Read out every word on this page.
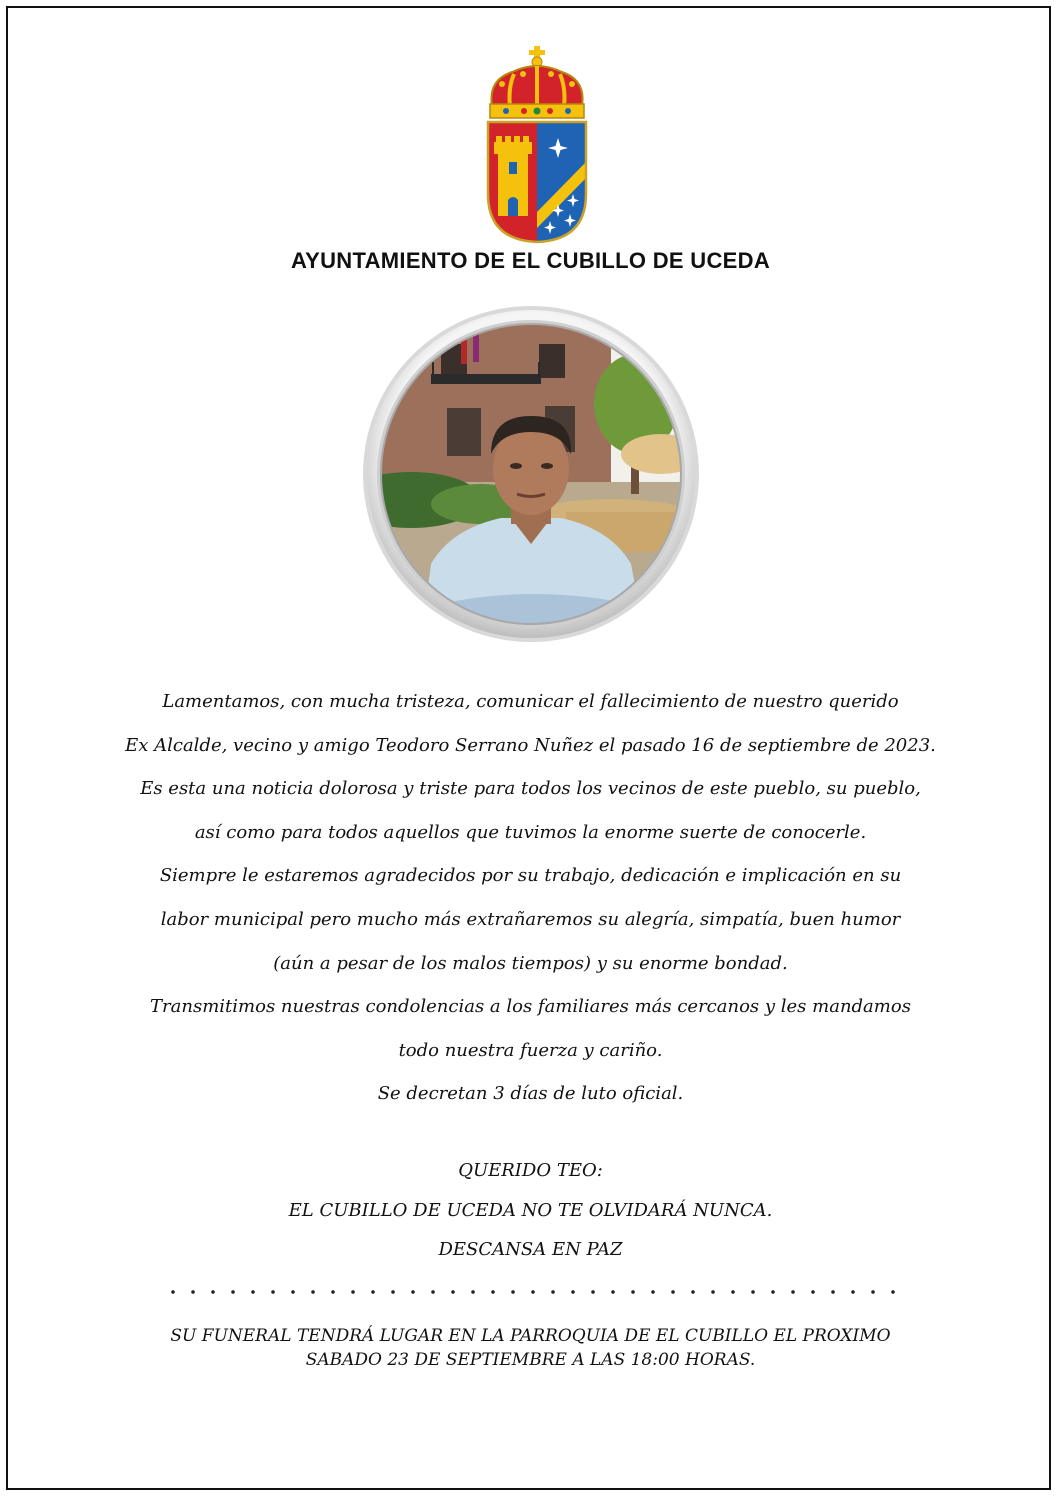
AYUNTAMIENTO DE EL CUBILLO DE UCEDA
Lamentamos, con mucha tristeza, comunicar el fallecimiento de nuestro querido
Ex Alcalde, vecino y amigo Teodoro Serrano Nuñez el pasado 16 de septiembre de 2023.
Es esta una noticia dolorosa y triste para todos los vecinos de este pueblo, su pueblo,
así como para todos aquellos que tuvimos la enorme suerte de conocerle.
Siempre le estaremos agradecidos por su trabajo, dedicación e implicación en su
labor municipal pero mucho más extrañaremos su alegría, simpatía, buen humor
(aún a pesar de los malos tiempos) y su enorme bondad.
Transmitimos nuestras condolencias a los familiares más cercanos y les mandamos
todo nuestra fuerza y cariño.
Se decretan 3 días de luto oficial.
QUERIDO TEO:
EL CUBILLO DE UCEDA NO TE OLVIDARÁ NUNCA.
DESCANSA EN PAZ
SU FUNERAL TENDRÁ LUGAR EN LA PARROQUIA DE EL CUBILLO EL PROXIMO
SABADO 23 DE SEPTIEMBRE A LAS 18:00 HORAS.
